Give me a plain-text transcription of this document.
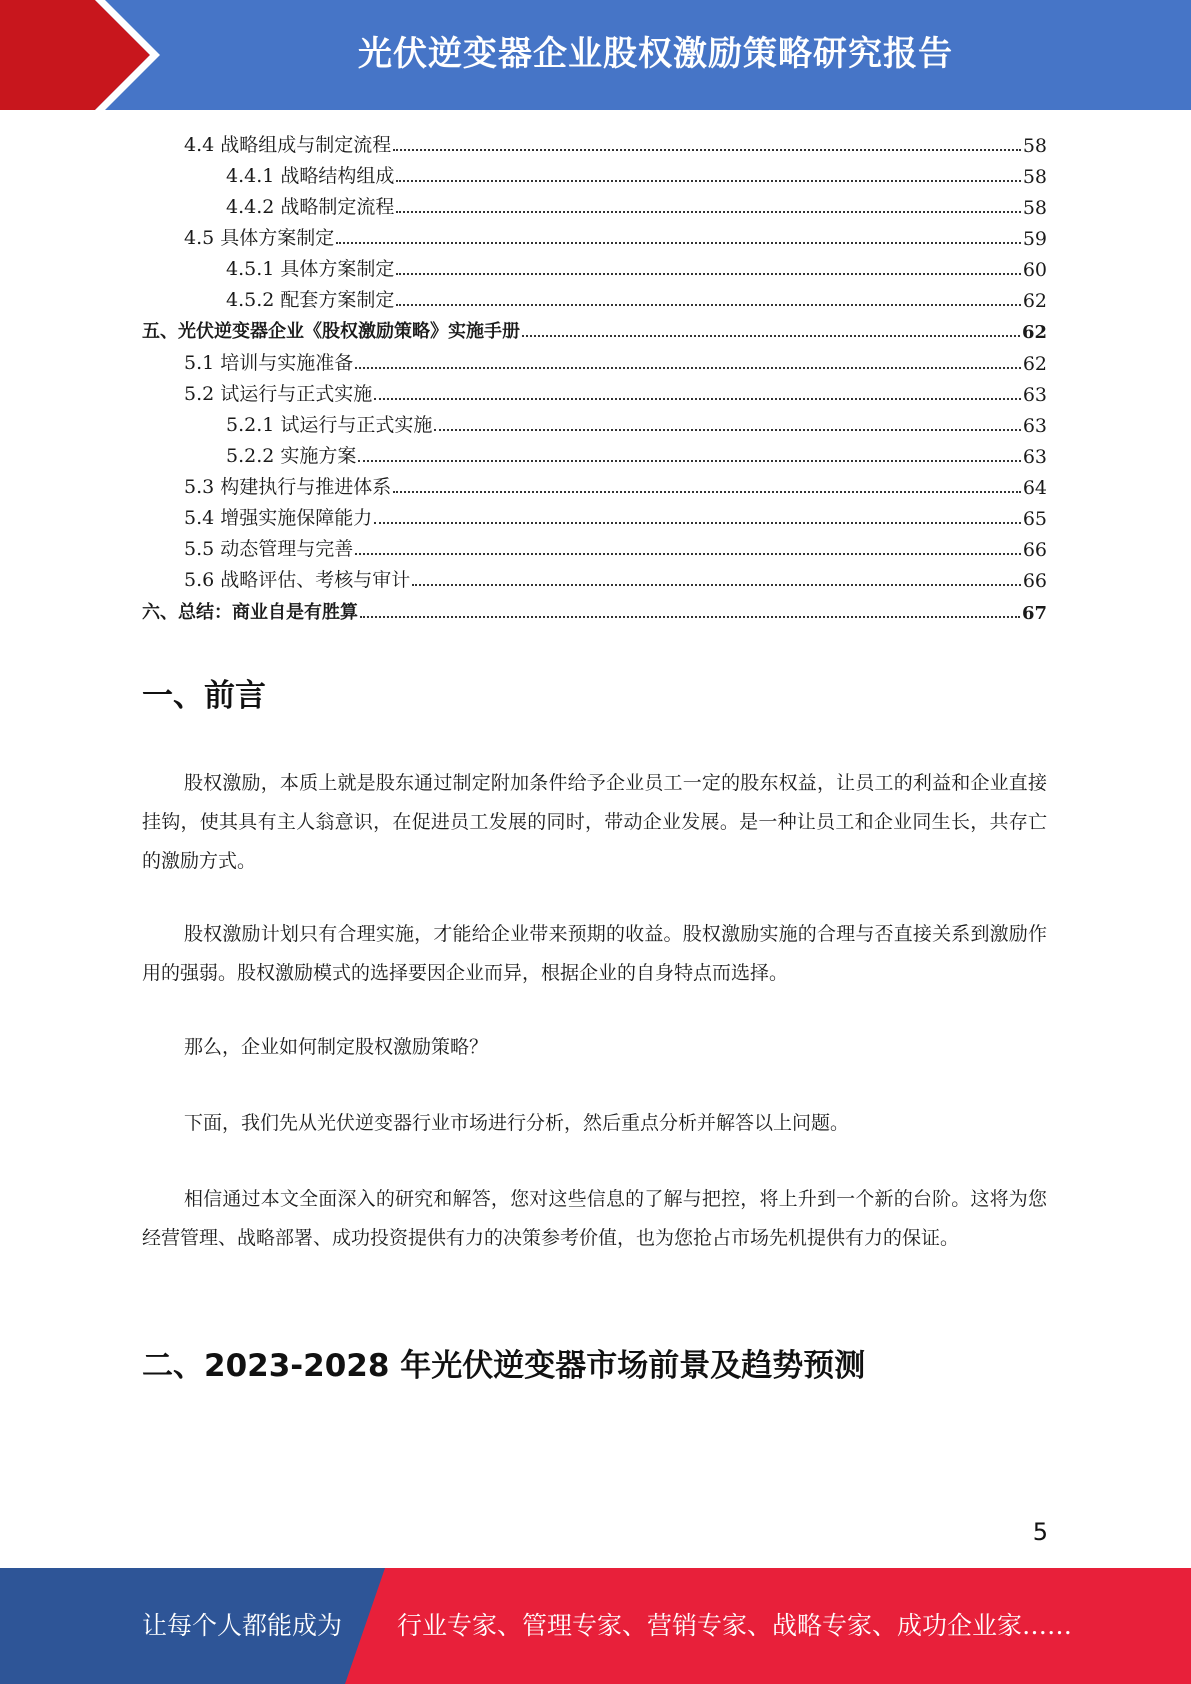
光伏逆变器企业股权激励策略研究报告
4.4 战略组成与制定流程	58
4.4.1 战略结构组成	58
4.4.2 战略制定流程	58
4.5 具体方案制定	59
4.5.1 具体方案制定	60
4.5.2 配套方案制定	62
五、光伏逆变器企业《股权激励策略》实施手册	62
5.1 培训与实施准备	62
5.2 试运行与正式实施	63
5.2.1 试运行与正式实施	63
5.2.2 实施方案	63
5.3 构建执行与推进体系	64
5.4 增强实施保障能力	65
5.5 动态管理与完善	66
5.6 战略评估、考核与审计	66
六、总结：商业自是有胜算	67
一、前言

股权激励，本质上就是股东通过制定附加条件给予企业员工一定的股东权益，让员工的利益和企业直接挂钩，使其具有主人翁意识，在促进员工发展的同时，带动企业发展。是一种让员工和企业同生长，共存亡的激励方式。

股权激励计划只有合理实施，才能给企业带来预期的收益。股权激励实施的合理与否直接关系到激励作用的强弱。股权激励模式的选择要因企业而异，根据企业的自身特点而选择。

那么，企业如何制定股权激励策略？

下面，我们先从光伏逆变器行业市场进行分析，然后重点分析并解答以上问题。

相信通过本文全面深入的研究和解答，您对这些信息的了解与把控，将上升到一个新的台阶。这将为您经营管理、战略部署、成功投资提供有力的决策参考价值，也为您抢占市场先机提供有力的保证。

二、2023-2028 年光伏逆变器市场前景及趋势预测
5
让每个人都能成为 行业专家、管理专家、营销专家、战略专家、成功企业家……
